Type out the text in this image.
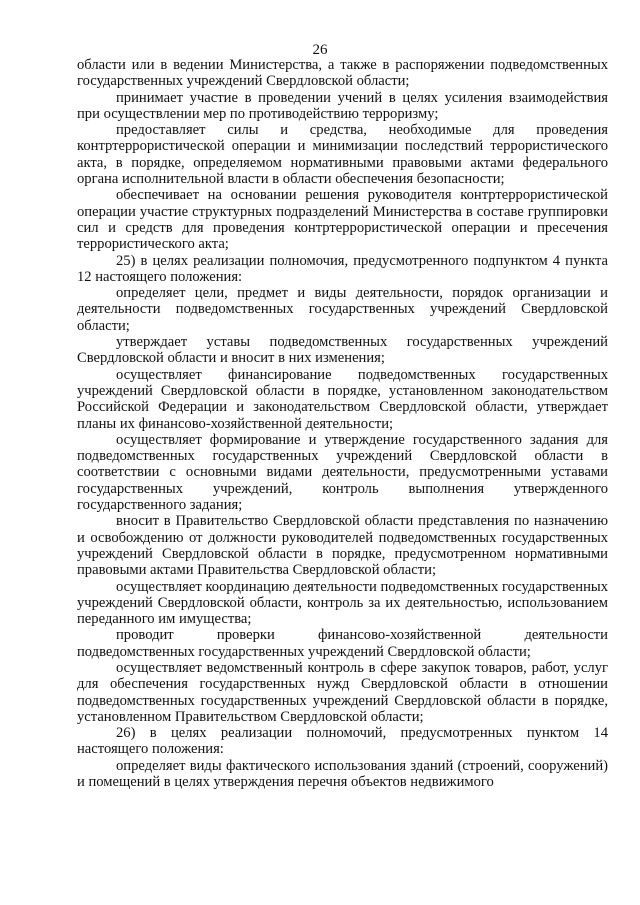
26

области или в ведении Министерства, а также в распоряжении подведомственных государственных учреждений Свердловской области;

принимает участие в проведении учений в целях усиления взаимодействия при осуществлении мер по противодействию терроризму;

предоставляет силы и средства, необходимые для проведения контртеррористической операции и минимизации последствий террористического акта, в порядке, определяемом нормативными правовыми актами федерального органа исполнительной власти в области обеспечения безопасности;

обеспечивает на основании решения руководителя контртеррористической операции участие структурных подразделений Министерства в составе группировки сил и средств для проведения контртеррористической операции и пресечения террористического акта;

25) в целях реализации полномочия, предусмотренного подпунктом 4 пункта 12 настоящего положения:

определяет цели, предмет и виды деятельности, порядок организации и деятельности подведомственных государственных учреждений Свердловской области;

утверждает уставы подведомственных государственных учреждений Свердловской области и вносит в них изменения;

осуществляет финансирование подведомственных государственных учреждений Свердловской области в порядке, установленном законодательством Российской Федерации и законодательством Свердловской области, утверждает планы их финансово-хозяйственной деятельности;

осуществляет формирование и утверждение государственного задания для подведомственных государственных учреждений Свердловской области в соответствии с основными видами деятельности, предусмотренными уставами государственных учреждений, контроль выполнения утвержденного государственного задания;

вносит в Правительство Свердловской области представления по назначению и освобождению от должности руководителей подведомственных государственных учреждений Свердловской области в порядке, предусмотренном нормативными правовыми актами Правительства Свердловской области;

осуществляет координацию деятельности подведомственных государственных учреждений Свердловской области, контроль за их деятельностью, использованием переданного им имущества;

проводит проверки финансово-хозяйственной деятельности подведомственных государственных учреждений Свердловской области;

осуществляет ведомственный контроль в сфере закупок товаров, работ, услуг для обеспечения государственных нужд Свердловской области в отношении подведомственных государственных учреждений Свердловской области в порядке, установленном Правительством Свердловской области;

26) в целях реализации полномочий, предусмотренных пунктом 14 настоящего положения:

определяет виды фактического использования зданий (строений, сооружений) и помещений в целях утверждения перечня объектов недвижимого
